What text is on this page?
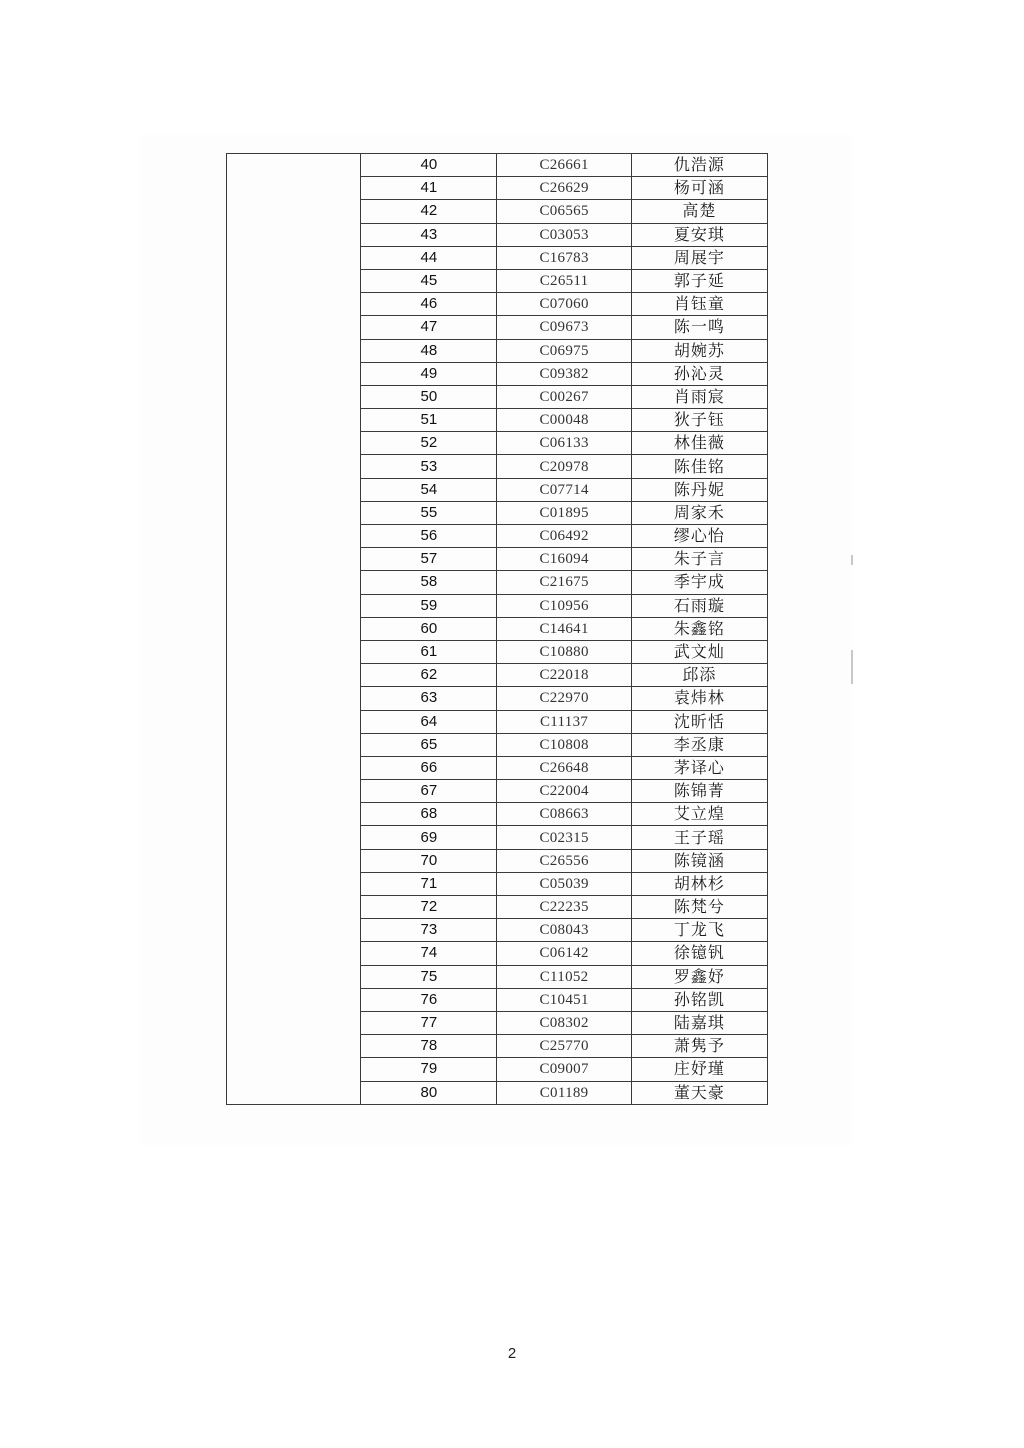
	40	C26661	仇浩源
	41	C26629	杨可涵
	42	C06565	高楚
	43	C03053	夏安琪
	44	C16783	周展宇
	45	C26511	郭子延
	46	C07060	肖钰童
	47	C09673	陈一鸣
	48	C06975	胡婉苏
	49	C09382	孙沁灵
	50	C00267	肖雨宸
	51	C00048	狄子钰
	52	C06133	林佳薇
	53	C20978	陈佳铭
	54	C07714	陈丹妮
	55	C01895	周家禾
	56	C06492	缪心怡
	57	C16094	朱子言
	58	C21675	季宇成
	59	C10956	石雨璇
	60	C14641	朱鑫铭
	61	C10880	武文灿
	62	C22018	邱添
	63	C22970	袁炜林
	64	C11137	沈昕恬
	65	C10808	李丞康
	66	C26648	茅译心
	67	C22004	陈锦菁
	68	C08663	艾立煌
	69	C02315	王子瑶
	70	C26556	陈镜涵
	71	C05039	胡林杉
	72	C22235	陈梵兮
	73	C08043	丁龙飞
	74	C06142	徐镱钒
	75	C11052	罗鑫妤
	76	C10451	孙铭凯
	77	C08302	陆嘉琪
	78	C25770	萧隽予
	79	C09007	庄妤瑾
	80	C01189	董天豪
2
